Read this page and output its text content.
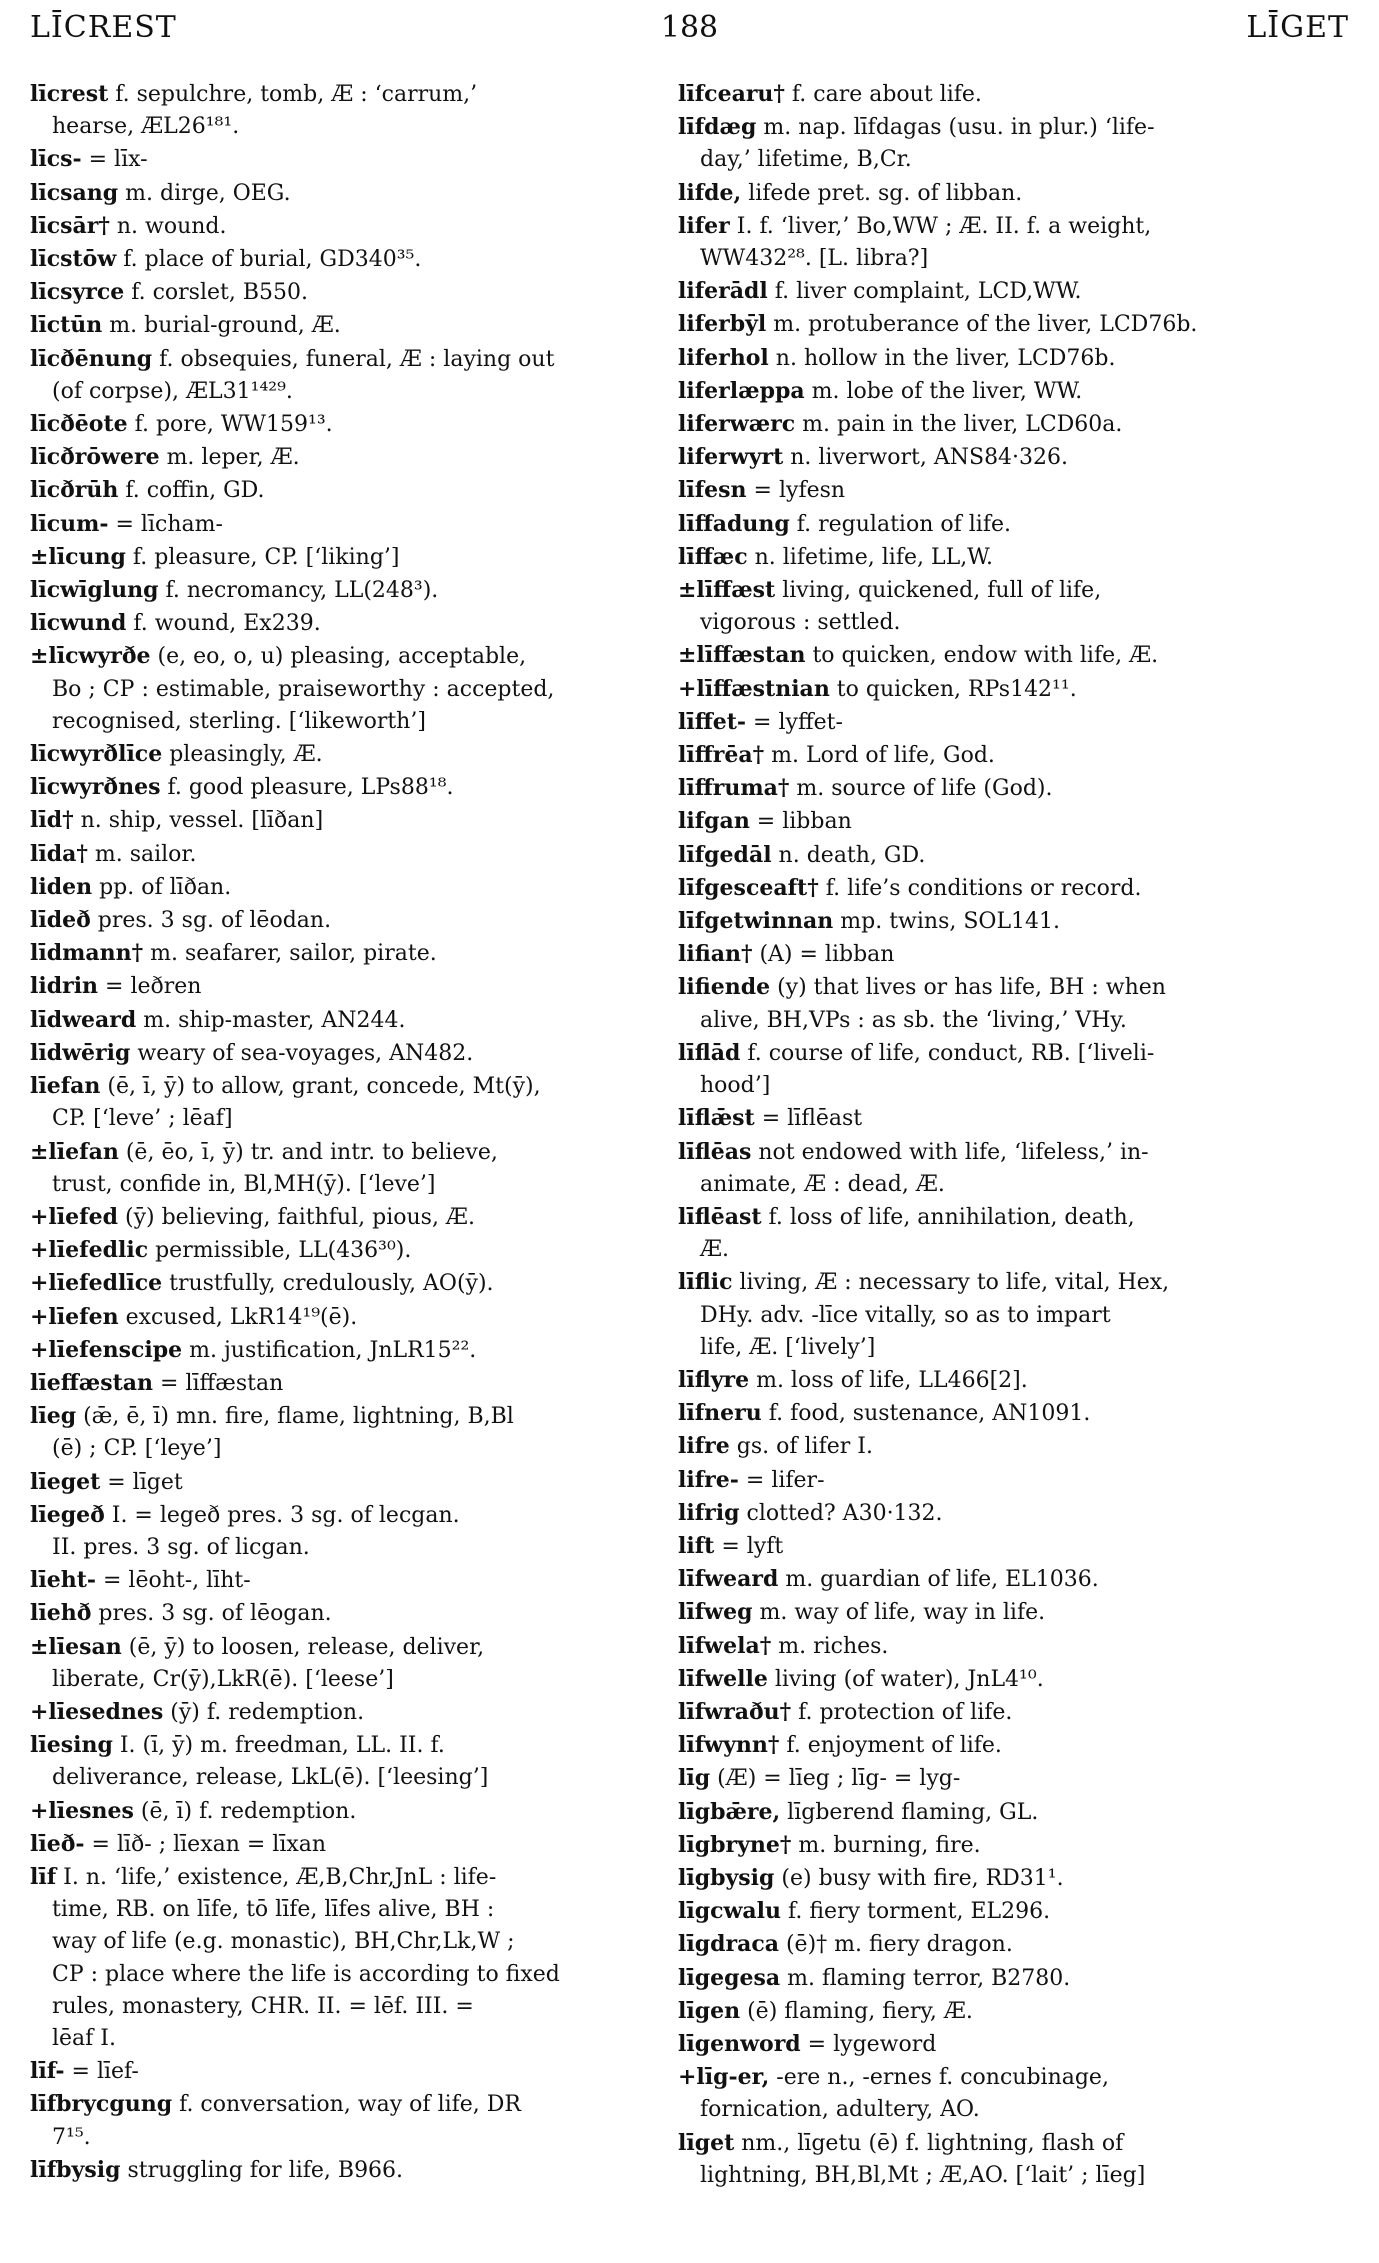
LĪCREST	188	LĪGET

līcrest f. sepulchre, tomb, Æ : ‘carrum,’

hearse, ÆL26¹⁸¹.

līcs- = līx-

līcsang m. dirge, OEG.

līcsār† n. wound.

līcstōw f. place of burial, GD340³⁵.

līcsyrce f. corslet, B550.

līctūn m. burial-ground, Æ.

līcðēnung f. obsequies, funeral, Æ : laying out

(of corpse), ÆL31¹⁴²⁹.

līcðēote f. pore, WW159¹³.

līcðrōwere m. leper, Æ.

līcðrūh f. coffin, GD.

līcum- = līcham-

±līcung f. pleasure, CP. [‘liking’]

līcwīglung f. necromancy, LL(248³).

līcwund f. wound, Ex239.

±līcwyrðe (e, eo, o, u) pleasing, acceptable,

Bo ; CP : estimable, praiseworthy : accepted,

recognised, sterling. [‘likeworth’]

līcwyrðlīce pleasingly, Æ.

līcwyrðnes f. good pleasure, LPs88¹⁸.

līd† n. ship, vessel. [līðan]

līda† m. sailor.

liden pp. of līðan.

līdeð pres. 3 sg. of lēodan.

līdmann† m. seafarer, sailor, pirate.

lidrin = leðren

līdweard m. ship-master, AN244.

līdwērig weary of sea-voyages, AN482.

līefan (ē, ī, ȳ) to allow, grant, concede, Mt(ȳ),

CP. [‘leve’ ; lēaf]

±līefan (ē, ēo, ī, ȳ) tr. and intr. to believe,

trust, confide in, Bl,MH(ȳ). [‘leve’]

+līefed (ȳ) believing, faithful, pious, Æ.

+līefedlic permissible, LL(436³⁰).

+līefedlīce trustfully, credulously, AO(ȳ).

+līefen excused, LkR14¹⁹(ē).

+līefenscipe m. justification, JnLR15²².

līeffæstan = līffæstan

līeg (ǣ, ē, ī) mn. fire, flame, lightning, B,Bl

(ē) ; CP. [‘leye’]

līeget = līget

līegeð I. = legeð pres. 3 sg. of lecgan.

II. pres. 3 sg. of licgan.

līeht- = lēoht-, līht-

līehð pres. 3 sg. of lēogan.

±līesan (ē, ȳ) to loosen, release, deliver,

liberate, Cr(ȳ),LkR(ē). [‘leese’]

+līesednes (ȳ) f. redemption.

līesing I. (ī, ȳ) m. freedman, LL. II. f.

deliverance, release, LkL(ē). [‘leesing’]

+līesnes (ē, ī) f. redemption.

līeð- = līð- ; līexan = līxan

līf I. n. ‘life,’ existence, Æ,B,Chr,JnL : life-

time, RB. on līfe, tō līfe, līfes alive, BH :

way of life (e.g. monastic), BH,Chr,Lk,W ;

CP : place where the life is according to fixed

rules, monastery, CHR. II. = lēf. III. =

lēaf I.

līf- = līef-

līfbrycgung f. conversation, way of life, DR

7¹⁵.

līfbysig struggling for life, B966.

līfcearu† f. care about life.

līfdæg m. nap. līfdagas (usu. in plur.) ‘life-

day,’ lifetime, B,Cr.

lifde, lifede pret. sg. of libban.

lifer I. f. ‘liver,’ Bo,WW ; Æ. II. f. a weight,

WW432²⁸. [L. libra?]

liferādl f. liver complaint, LCD,WW.

liferbȳl m. protuberance of the liver, LCD76b.

liferhol n. hollow in the liver, LCD76b.

liferlæppa m. lobe of the liver, WW.

liferwærc m. pain in the liver, LCD60a.

liferwyrt n. liverwort, ANS84·326.

līfesn = lyfesn

līffadung f. regulation of life.

līffæc n. lifetime, life, LL,W.

±līffæst living, quickened, full of life,

vigorous : settled.

±līffæstan to quicken, endow with life, Æ.

+līffæstnian to quicken, RPs142¹¹.

līffet- = lyffet-

līffrēa† m. Lord of life, God.

līffruma† m. source of life (God).

lifgan = libban

līfgedāl n. death, GD.

līfgesceaft† f. life’s conditions or record.

līfgetwinnan mp. twins, SOL141.

lifian† (A) = libban

lifiende (y) that lives or has life, BH : when

alive, BH,VPs : as sb. the ‘living,’ VHy.

līflād f. course of life, conduct, RB. [‘liveli-

hood’]

līflǣst = līflēast

līflēas not endowed with life, ‘lifeless,’ in-

animate, Æ : dead, Æ.

līflēast f. loss of life, annihilation, death,

Æ.

līflic living, Æ : necessary to life, vital, Hex,

DHy. adv. -līce vitally, so as to impart

life, Æ. [‘lively’]

līflyre m. loss of life, LL466[2].

līfneru f. food, sustenance, AN1091.

lifre gs. of lifer I.

lifre- = lifer-

lifrig clotted? A30·132.

lift = lyft

līfweard m. guardian of life, EL1036.

līfweg m. way of life, way in life.

līfwela† m. riches.

līfwelle living (of water), JnL4¹⁰.

līfwraðu† f. protection of life.

līfwynn† f. enjoyment of life.

līg (Æ) = līeg ; līg- = lyg-

līgbǣre, līgberend flaming, GL.

līgbryne† m. burning, fire.

līgbysig (e) busy with fire, RD31¹.

līgcwalu f. fiery torment, EL296.

līgdraca (ē)† m. fiery dragon.

līgegesa m. flaming terror, B2780.

līgen (ē) flaming, fiery, Æ.

līgenword = lygeword

+līg-er, -ere n., -ernes f. concubinage,

fornication, adultery, AO.

līget nm., līgetu (ē) f. lightning, flash of

lightning, BH,Bl,Mt ; Æ,AO. [‘lait’ ; līeg]
